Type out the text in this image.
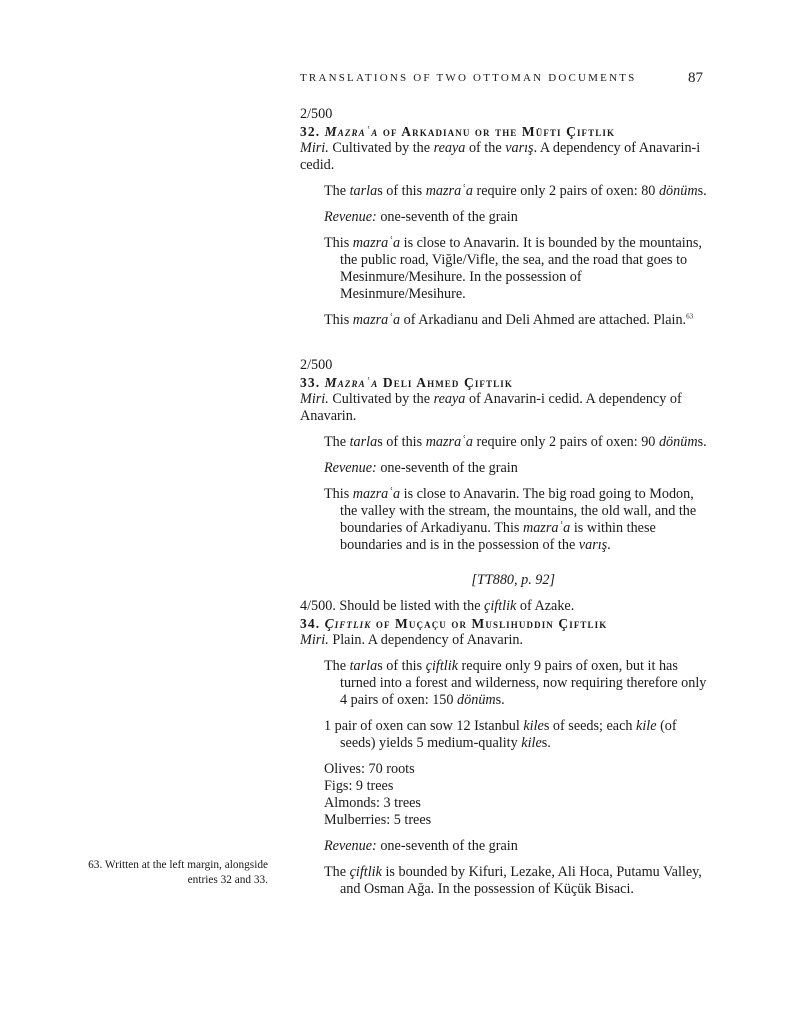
TRANSLATIONS OF TWO OTTOMAN DOCUMENTS	87

2/500

32. Mazraʿa of Arkadianu or the Müfti Çiftlik

Miri. Cultivated by the reaya of the varış. A dependency of Anavarin-i cedid.

The tarlas of this mazraʿa require only 2 pairs of oxen: 80 dönüms.

Revenue: one-seventh of the grain

This mazraʿa is close to Anavarin. It is bounded by the mountains, the public road, Viğle/Vifle, the sea, and the road that goes to Mesinmure/Mesihure. In the possession of Mesinmure/Mesihure.

This mazraʿa of Arkadianu and Deli Ahmed are attached. Plain.$^{63}$

2/500

33. Mazraʿa Deli Ahmed Çiftlik

Miri. Cultivated by the reaya of Anavarin-i cedid. A dependency of Anavarin.

The tarlas of this mazraʿa require only 2 pairs of oxen: 90 dönüms.

Revenue: one-seventh of the grain

This mazraʿa is close to Anavarin. The big road going to Modon, the valley with the stream, the mountains, the old wall, and the boundaries of Arkadiyanu. This mazraʿa is within these boundaries and is in the possession of the varış.

[TT880, p. 92]

4/500. Should be listed with the çiftlik of Azake.

34. Çiftlik of Muçaçu or Muslihuddin Çiftlik

Miri. Plain. A dependency of Anavarin.

The tarlas of this çiftlik require only 9 pairs of oxen, but it has turned into a forest and wilderness, now requiring therefore only 4 pairs of oxen: 150 dönüms.

1 pair of oxen can sow 12 Istanbul kiles of seeds; each kile (of seeds) yields 5 medium-quality kiles.

Olives: 70 roots
Figs: 9 trees
Almonds: 3 trees
Mulberries: 5 trees

Revenue: one-seventh of the grain

The çiftlik is bounded by Kifuri, Lezake, Ali Hoca, Putamu Valley, and Osman Ağa. In the possession of Küçük Bisaci.

63. Written at the left margin, alongside entries 32 and 33.
